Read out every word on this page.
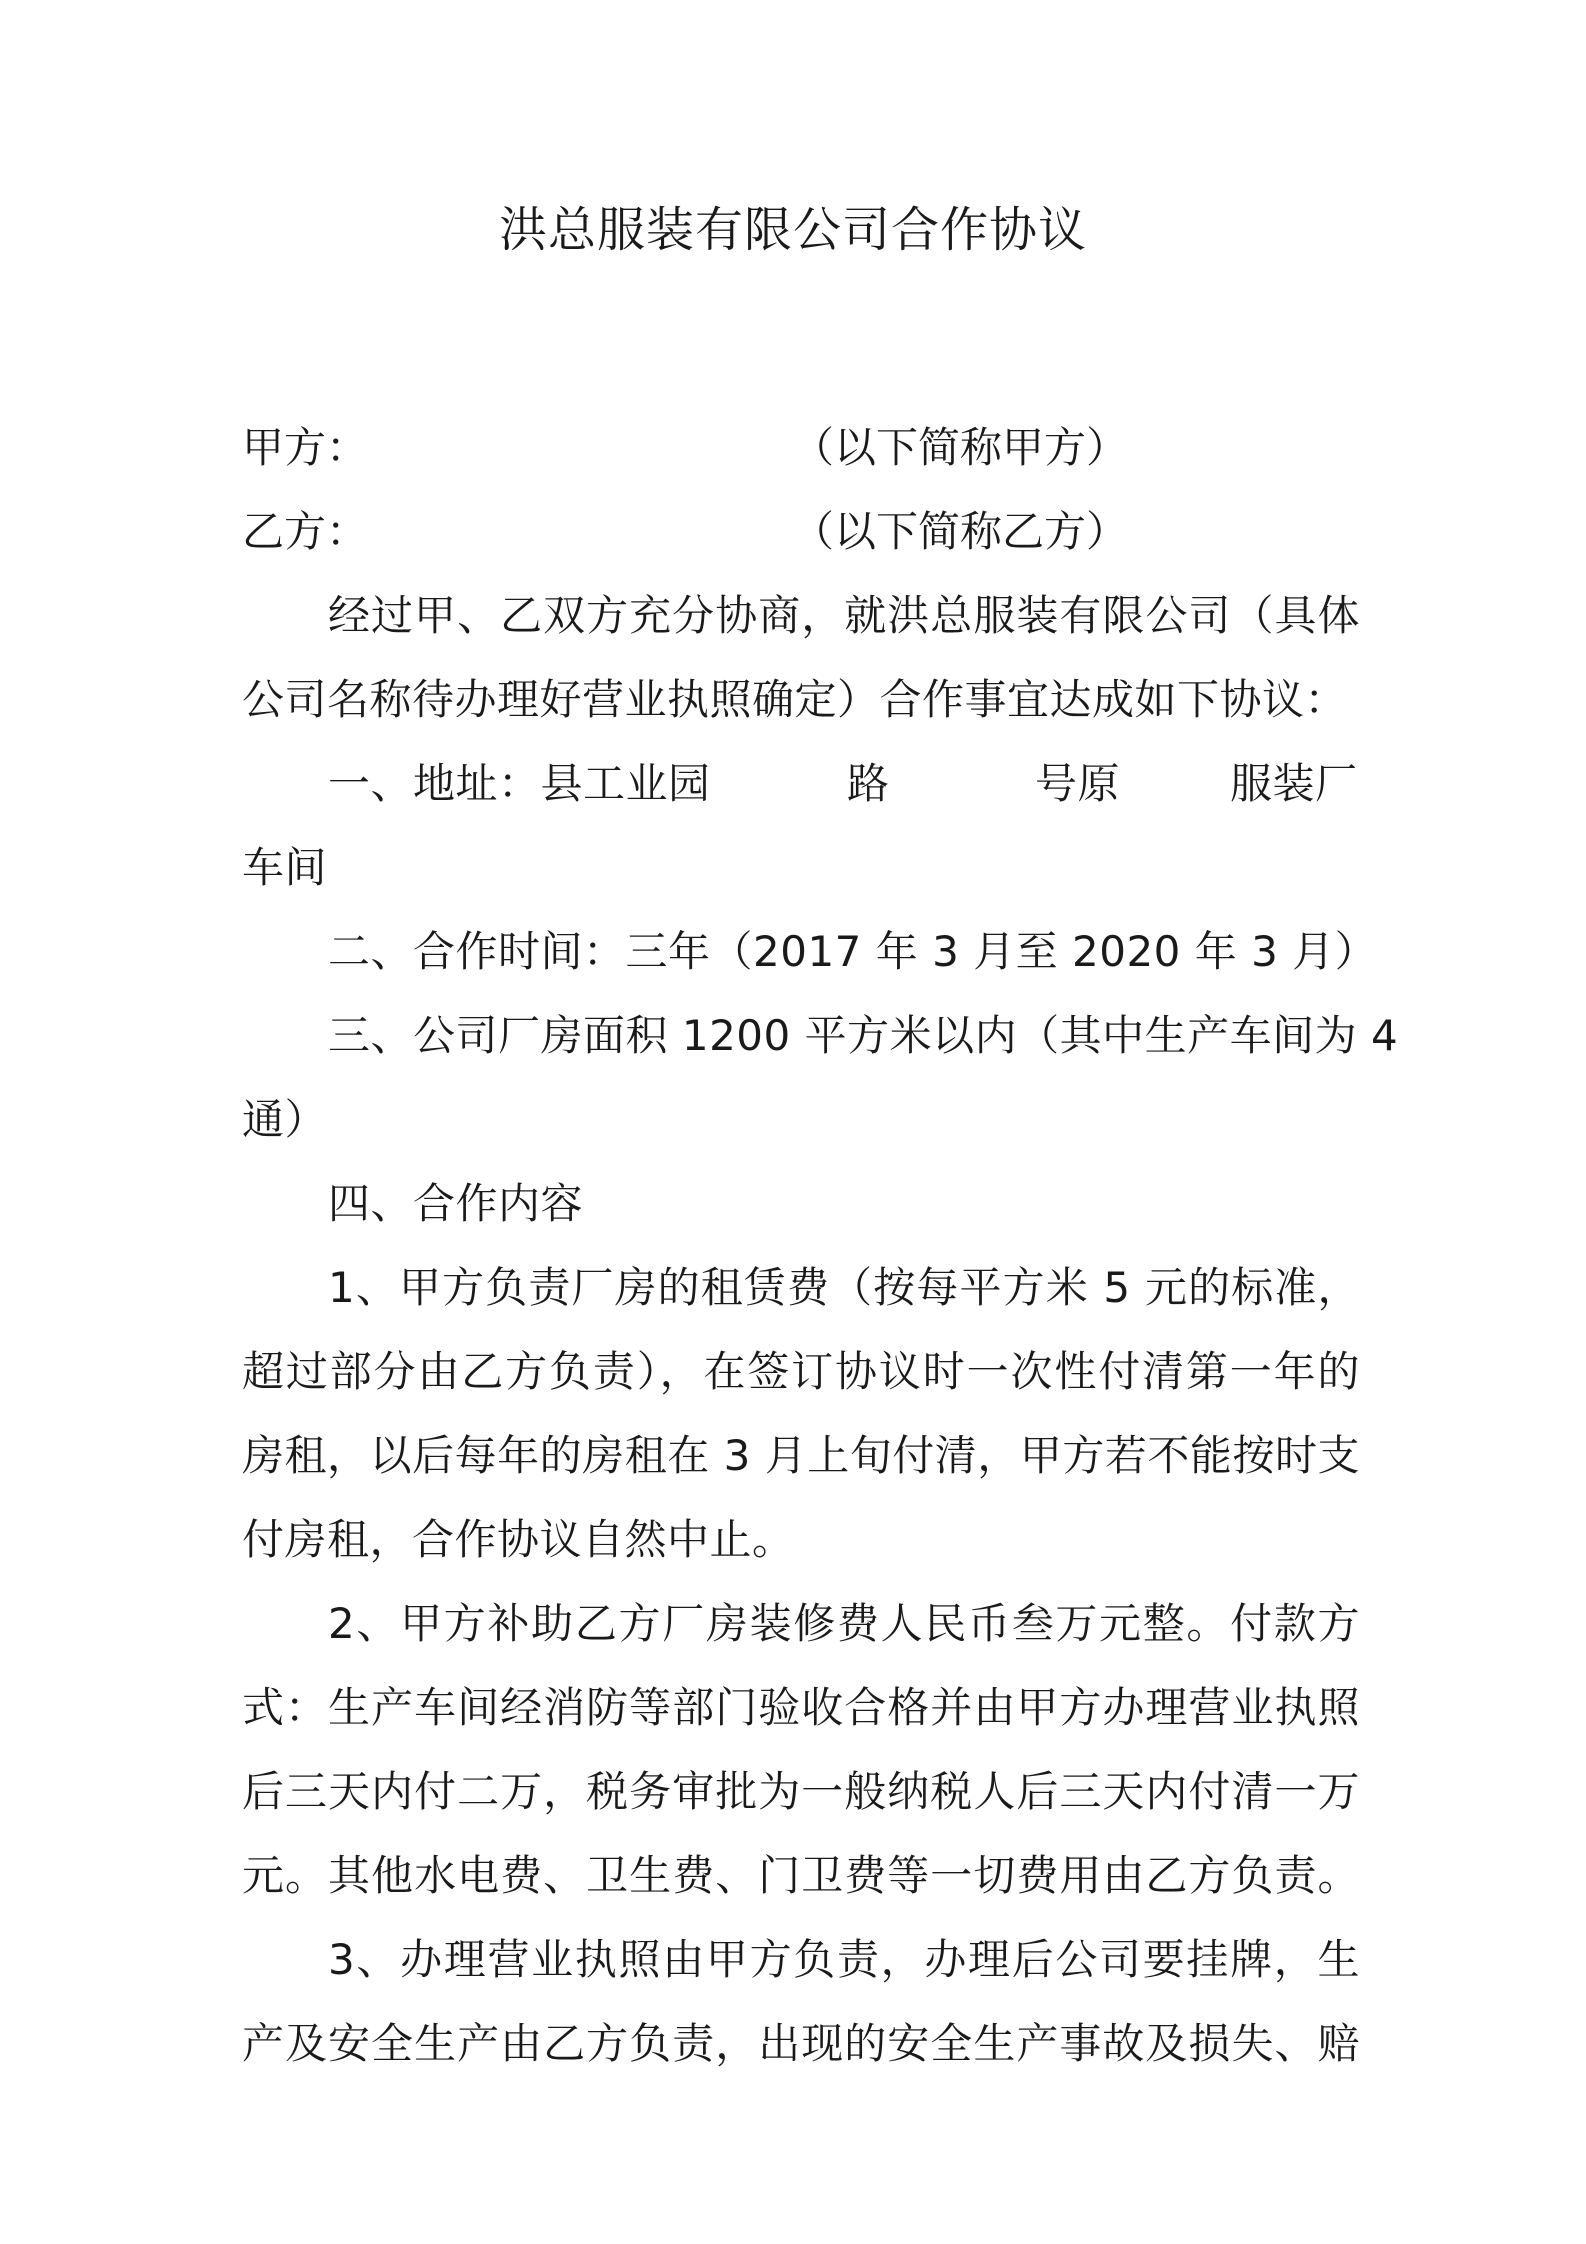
洪总服装有限公司合作协议
甲方：	（以下简称甲方）
乙方：	（以下简称乙方）
经过甲、乙双方充分协商，就洪总服装有限公司（具体
公司名称待办理好营业执照确定）合作事宜达成如下协议：
一、地址：县工业园	路	号原	服装厂
车间
二、合作时间：三年（2017 年 3 月至 2020 年 3 月）
三、公司厂房面积 1200 平方米以内（其中生产车间为 4
通）
四、合作内容
1、甲方负责厂房的租赁费（按每平方米 5 元的标准，
超过部分由乙方负责），在签订协议时一次性付清第一年的
房租，以后每年的房租在 3 月上旬付清，甲方若不能按时支
付房租，合作协议自然中止。
2、甲方补助乙方厂房装修费人民币叁万元整。付款方
式：生产车间经消防等部门验收合格并由甲方办理营业执照
后三天内付二万，税务审批为一般纳税人后三天内付清一万
元。其他水电费、卫生费、门卫费等一切费用由乙方负责。
3、办理营业执照由甲方负责，办理后公司要挂牌，生
产及安全生产由乙方负责，出现的安全生产事故及损失、赔
